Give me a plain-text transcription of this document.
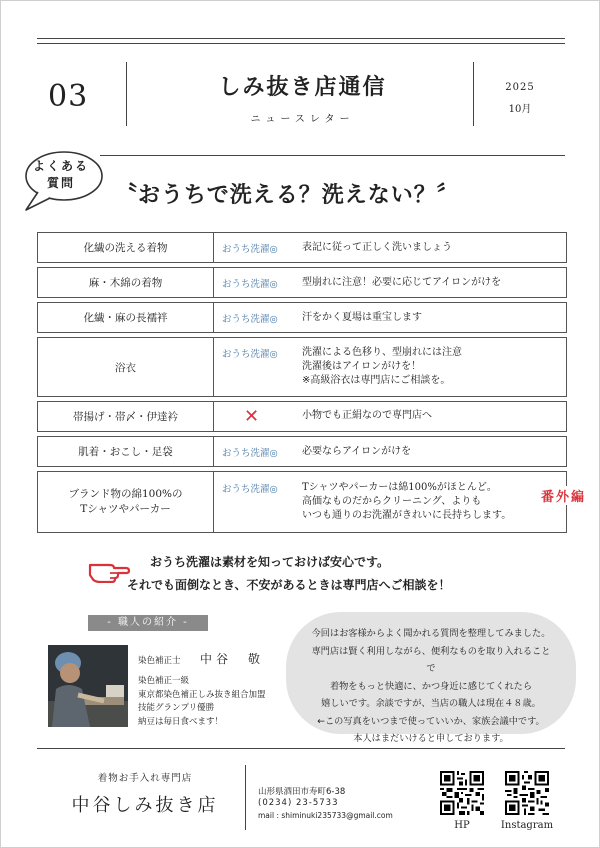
03	しみ抜き店通信
ニュースレター
2025
10月
よくある
質問	〝おうちで洗える？洗えない？〞
化繊の洗える着物	おうち洗濯◎ 表記に従って正しく洗いましょう

麻・木綿の着物	おうち洗濯◎ 型崩れに注意！必要に応じてアイロンがけを

化繊・麻の長襦袢	おうち洗濯◎ 汗をかく夏場は重宝します

浴衣	おうち洗濯◎ 洗濯による色移り、型崩れには注意
洗濯後はアイロンがけを！
※高級浴衣は専門店にご相談を。

帯揚げ・帯〆・伊達衿	✕ 小物でも正絹なので専門店へ

肌着・おこし・足袋	おうち洗濯◎ 必要ならアイロンがけを

ブランド物の綿100%の
Tシャツやパーカー	おうち洗濯◎ Tシャツやパーカーは綿100%がほとんど。
高価なものだからクリーニング、よりも
いつも通りのお洗濯がきれいに長持ちします。
番外編
おうち洗濯は素材を知っておけば安心です。
それでも面倒なとき、不安があるときは専門店へご相談を！
- 職人の紹介 -
染色補正士 中谷　敬
染色補正一級
東京都染色補正しみ抜き組合加盟
技能グランプリ優勝
納豆は毎日食べます！
今回はお客様からよく聞かれる質問を整理してみました。
専門店は賢く利用しながら、便利なものを取り入れることで
着物をもっと快適に、かつ身近に感じてくれたら
嬉しいです。余談ですが、当店の職人は現在４８歳。
←この写真をいつまで使っていいか、家族会議中です。
本人はまだいけると申しております。
着物お手入れ専門店
中谷しみ抜き店
山形県酒田市寿町6-38
(0234) 23-5733
mail : shiminuki235733@gmail.com
HP	Instagram
